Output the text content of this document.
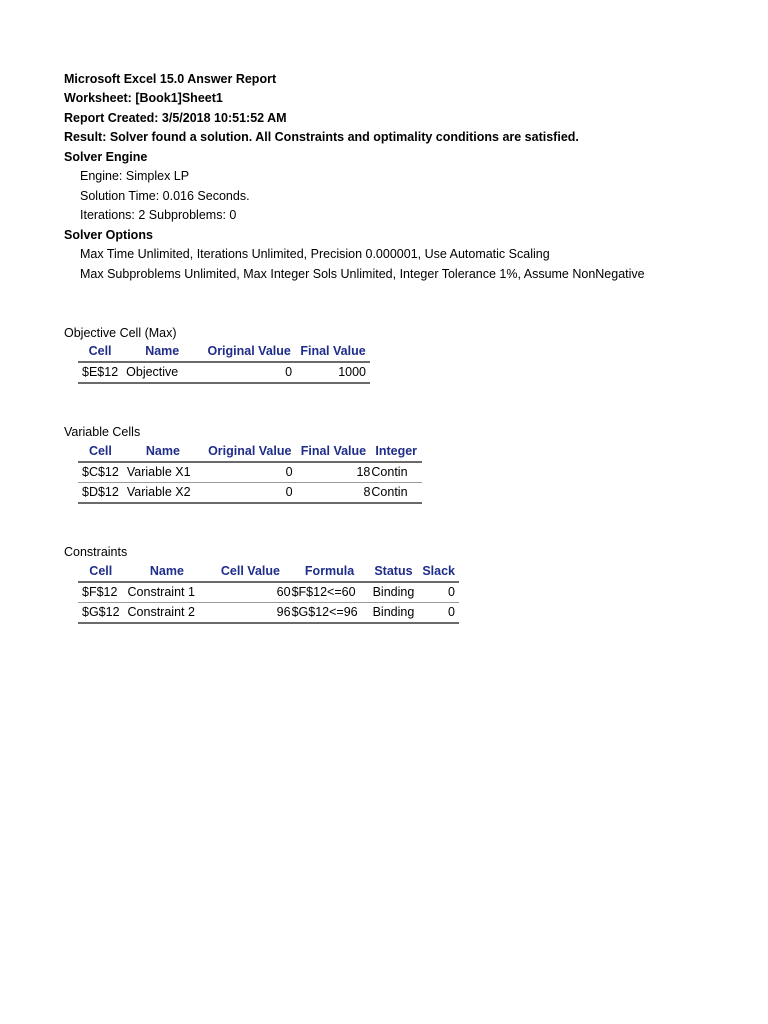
Microsoft Excel 15.0 Answer Report
Worksheet: [Book1]Sheet1
Report Created: 3/5/2018 10:51:52 AM
Result: Solver found a solution. All Constraints and optimality conditions are satisfied.
Solver Engine
Engine: Simplex LP
Solution Time: 0.016 Seconds.
Iterations: 2 Subproblems: 0
Solver Options
Max Time Unlimited, Iterations Unlimited, Precision 0.000001, Use Automatic Scaling
Max Subproblems Unlimited, Max Integer Sols Unlimited, Integer Tolerance 1%, Assume NonNegative
Objective Cell (Max)
Cell	Name	Original Value	Final Value
$E$12	Objective	0	1000
Variable Cells
Cell	Name	Original Value	Final Value	Integer
$C$12	Variable X1	0	18	Contin
$D$12	Variable X2	0	8	Contin
Constraints
Cell	Name	Cell Value	Formula	Status	Slack
$F$12	Constraint 1	60	$F$12<=60	Binding	0
$G$12	Constraint 2	96	$G$12<=96	Binding	0
